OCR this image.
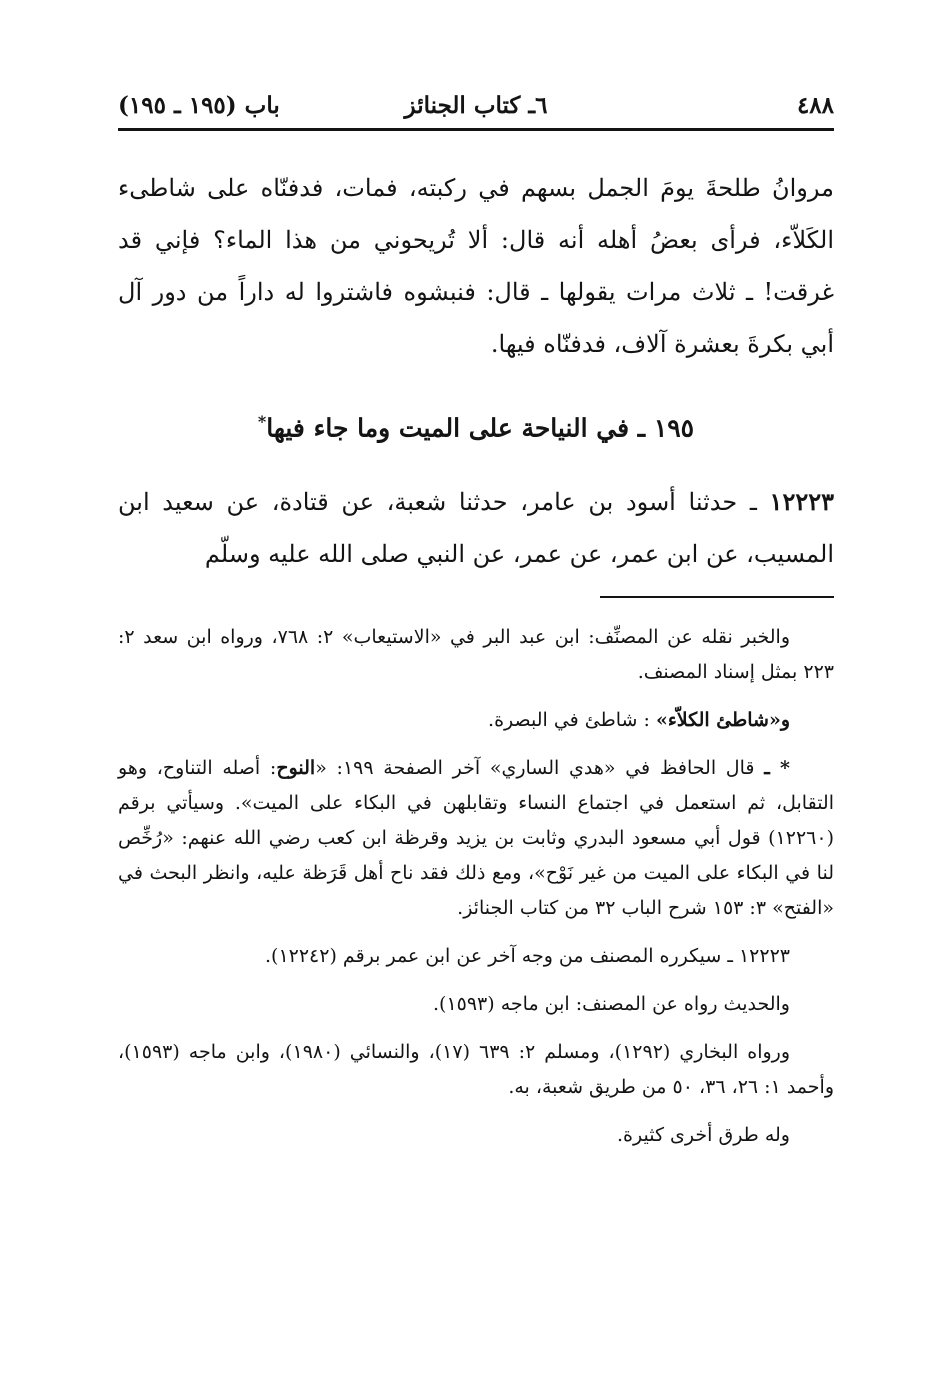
٤٨٨
٦ـ كتاب الجنائز
باب (١٩٥ ـ ١٩٥)
مروانُ طلحةَ يومَ الجمل بسهم في ركبته، فمات، فدفنّاه على شاطىء الكَلاّء، فرأى بعضُ أهله أنه قال: ألا تُريحوني من هذا الماء؟ فإني قد غرقت! ـ ثلاث مرات يقولها ـ قال: فنبشوه فاشتروا له داراً من دور آل أبي بكرةَ بعشرة آلاف، فدفنّاه فيها.
١٩٥ ـ في النياحة على الميت وما جاء فيها*
١٢٢٢٣ ـ حدثنا أسود بن عامر، حدثنا شعبة، عن قتادة، عن سعيد ابن المسيب، عن ابن عمر، عن عمر، عن النبي صلى الله عليه وسلّم

والخبر نقله عن المصنِّف: ابن عبد البر في «الاستيعاب» ٢: ٧٦٨، ورواه ابن سعد ٢: ٢٢٣ بمثل إسناد المصنف.

و«شاطئ الكلاّء» : شاطئ في البصرة.

* ـ قال الحافظ في «هدي الساري» آخر الصفحة ١٩٩: «النوح: أصله التناوح، وهو التقابل، ثم استعمل في اجتماع النساء وتقابلهن في البكاء على الميت». وسيأتي برقم (١٢٢٦٠) قول أبي مسعود البدري وثابت بن يزيد وقرظة ابن كعب رضي الله عنهم: «رُخِّص لنا في البكاء على الميت من غير نَوْح»، ومع ذلك فقد ناح أهل قَرَظة عليه، وانظر البحث في «الفتح» ٣: ١٥٣ شرح الباب ٣٢ من كتاب الجنائز.

١٢٢٢٣ ـ سيكرره المصنف من وجه آخر عن ابن عمر برقم (١٢٢٤٢).

والحديث رواه عن المصنف: ابن ماجه (١٥٩٣).

ورواه البخاري (١٢٩٢)، ومسلم ٢: ٦٣٩ (١٧)، والنسائي (١٩٨٠)، وابن ماجه (١٥٩٣)، وأحمد ١: ٢٦، ٣٦، ٥٠ من طريق شعبة، به.

وله طرق أخرى كثيرة.
